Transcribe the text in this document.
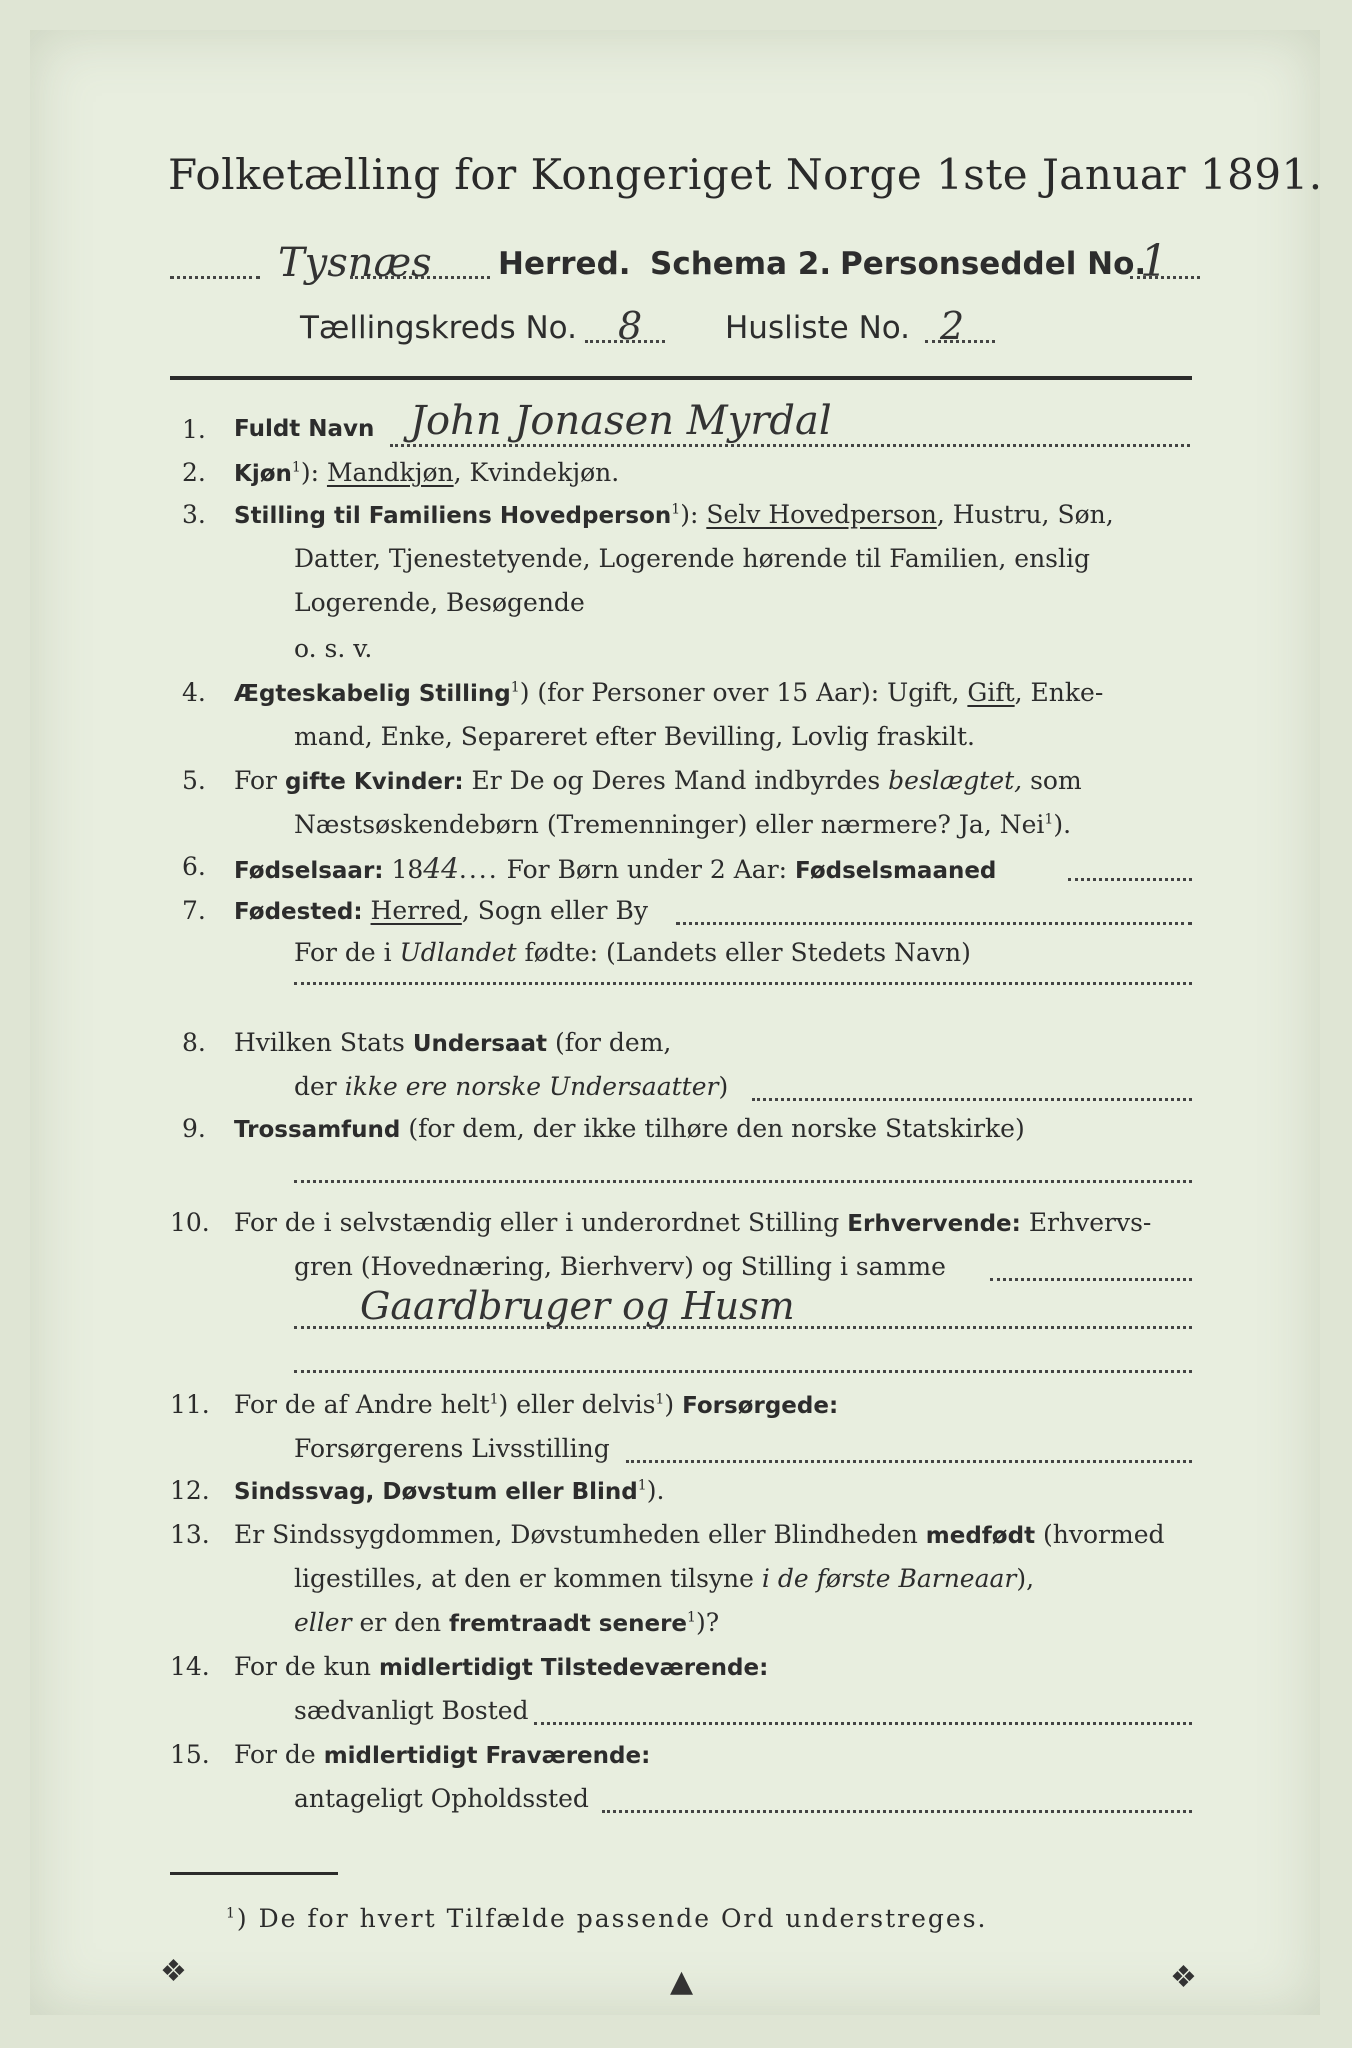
Folketælling for Kongeriget Norge 1ste Januar 1891.
Tysnæs Herred. Schema 2. Personseddel No.
1
Tællingskreds No. 8	Husliste No. 2
1. Fuldt Navn John Jonasen Myrdal
2. Kjøn$^1$): Mandkjøn, Kvindekjøn.
3. Stilling til Familiens Hovedperson$^1$): Selv Hovedperson, Hustru, Søn,
Datter, Tjenestetyende, Logerende hørende til Familien, enslig
Logerende, Besøgende
o. s. v.
4. Ægteskabelig Stilling$^1$) (for Personer over 15 Aar): Ugift, Gift, Enke-
mand, Enke, Separeret efter Bevilling, Lovlig fraskilt.
5. For gifte Kvinder: Er De og Deres Mand indbyrdes beslægtet, som
Næstsøskendebørn (Tremenninger) eller nærmere? Ja, Nei$^1$).
6. Fødselsaar: 1844.... For Børn under 2 Aar: Fødselsmaaned
7. Fødested: Herred, Sogn eller By
For de i Udlandet fødte: (Landets eller Stedets Navn)
8. Hvilken Stats Undersaat (for dem,
der ikke ere norske Undersaatter)
9. Trossamfund (for dem, der ikke tilhøre den norske Statskirke)
10. For de i selvstændig eller i underordnet Stilling Erhvervende: Erhvervs-
gren (Hovednæring, Bierhverv) og Stilling i samme
Gaardbruger og Husm
11. For de af Andre helt$^1$) eller delvis$^1$) Forsørgede:
Forsørgerens Livsstilling
12. Sindssvag, Døvstum eller Blind$^1$).
13. Er Sindssygdommen, Døvstumheden eller Blindheden medfødt (hvormed
ligestilles, at den er kommen tilsyne i de første Barneaar),
eller er den fremtraadt senere$^1$)?
14. For de kun midlertidigt Tilstedeværende:
sædvanligt Bosted
15. For de midlertidigt Fraværende:
antageligt Opholdssted
$^1$) De for hvert Tilfælde passende Ord understreges.
❖	▲	❖
